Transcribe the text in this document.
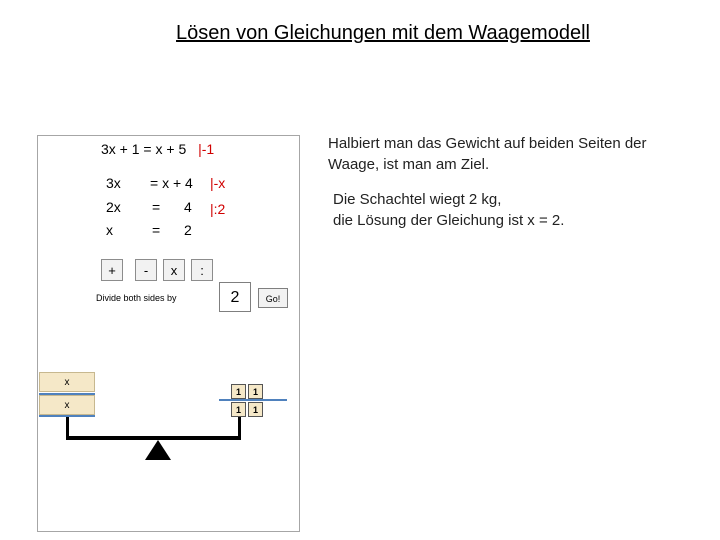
Lösen von Gleichungen mit dem Waagemodell
3x + 1 = x + 5 |-1
3x = x + 4 |-x
2x = 4 |:2
x	= 2
+	-	x	:
Divide both sides by	2	Go!
x
x
1	1
1	1
Halbiert man das Gewicht auf beiden Seiten der Waage, ist man am Ziel.
Die Schachtel wiegt 2 kg,
die Lösung der Gleichung ist x = 2.
